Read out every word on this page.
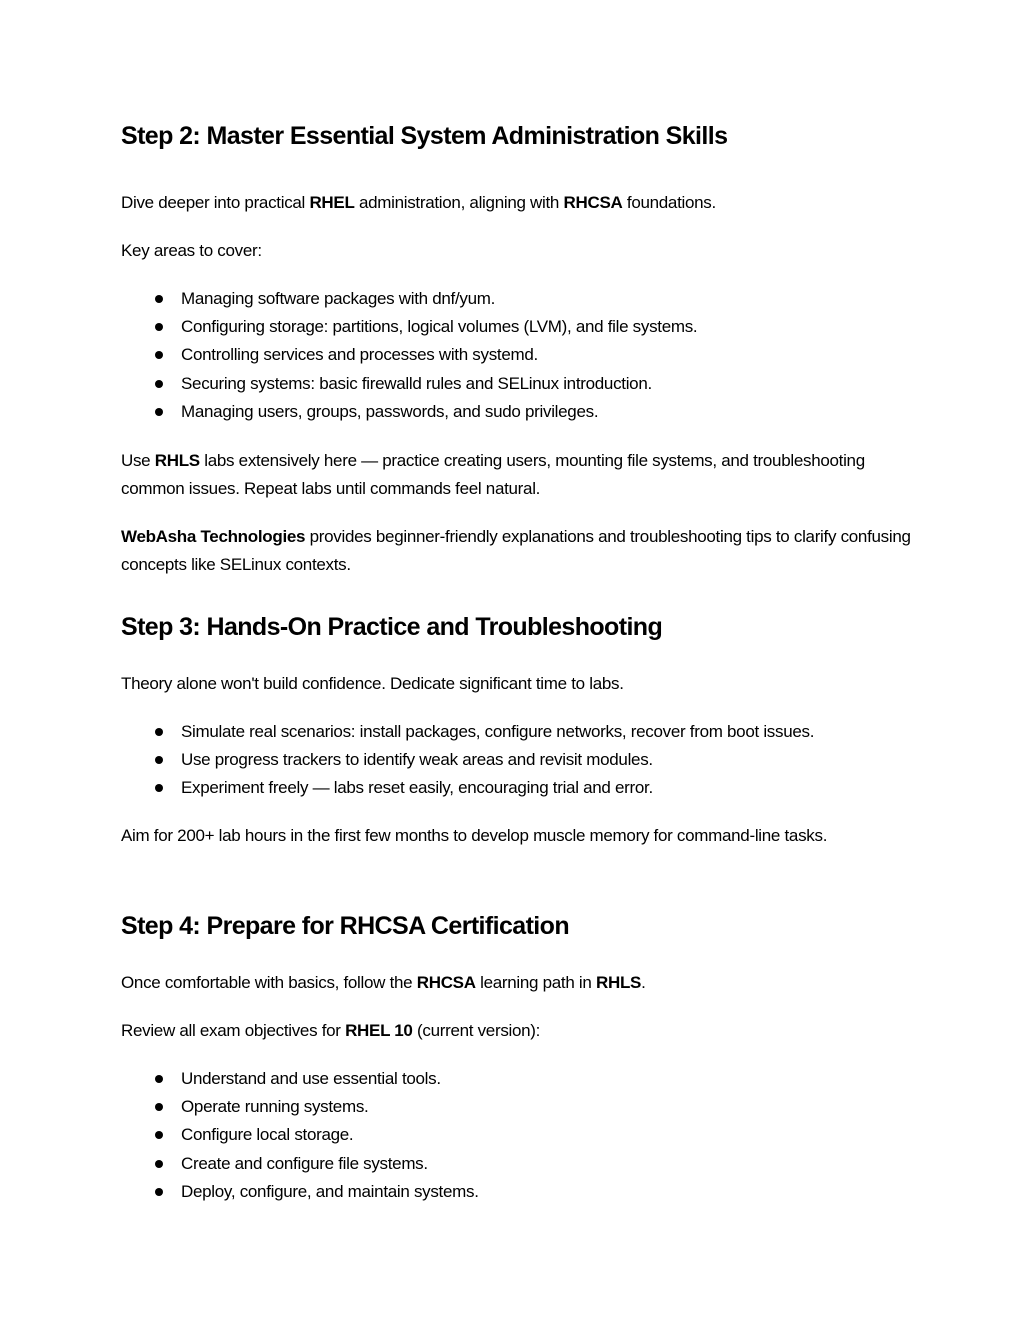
Step 2: Master Essential System Administration Skills

Dive deeper into practical RHEL administration, aligning with RHCSA foundations.

Key areas to cover:

Managing software packages with dnf/yum.
Configuring storage: partitions, logical volumes (LVM), and file systems.
Controlling services and processes with systemd.
Securing systems: basic firewalld rules and SELinux introduction.
Managing users, groups, passwords, and sudo privileges.

Use RHLS labs extensively here — practice creating users, mounting file systems, and troubleshooting common issues. Repeat labs until commands feel natural.

WebAsha Technologies provides beginner-friendly explanations and troubleshooting tips to clarify confusing concepts like SELinux contexts.

Step 3: Hands-On Practice and Troubleshooting

Theory alone won't build confidence. Dedicate significant time to labs.

Simulate real scenarios: install packages, configure networks, recover from boot issues.
Use progress trackers to identify weak areas and revisit modules.
Experiment freely — labs reset easily, encouraging trial and error.

Aim for 200+ lab hours in the first few months to develop muscle memory for command-line tasks.

Step 4: Prepare for RHCSA Certification

Once comfortable with basics, follow the RHCSA learning path in RHLS.

Review all exam objectives for RHEL 10 (current version):

Understand and use essential tools.
Operate running systems.
Configure local storage.
Create and configure file systems.
Deploy, configure, and maintain systems.
